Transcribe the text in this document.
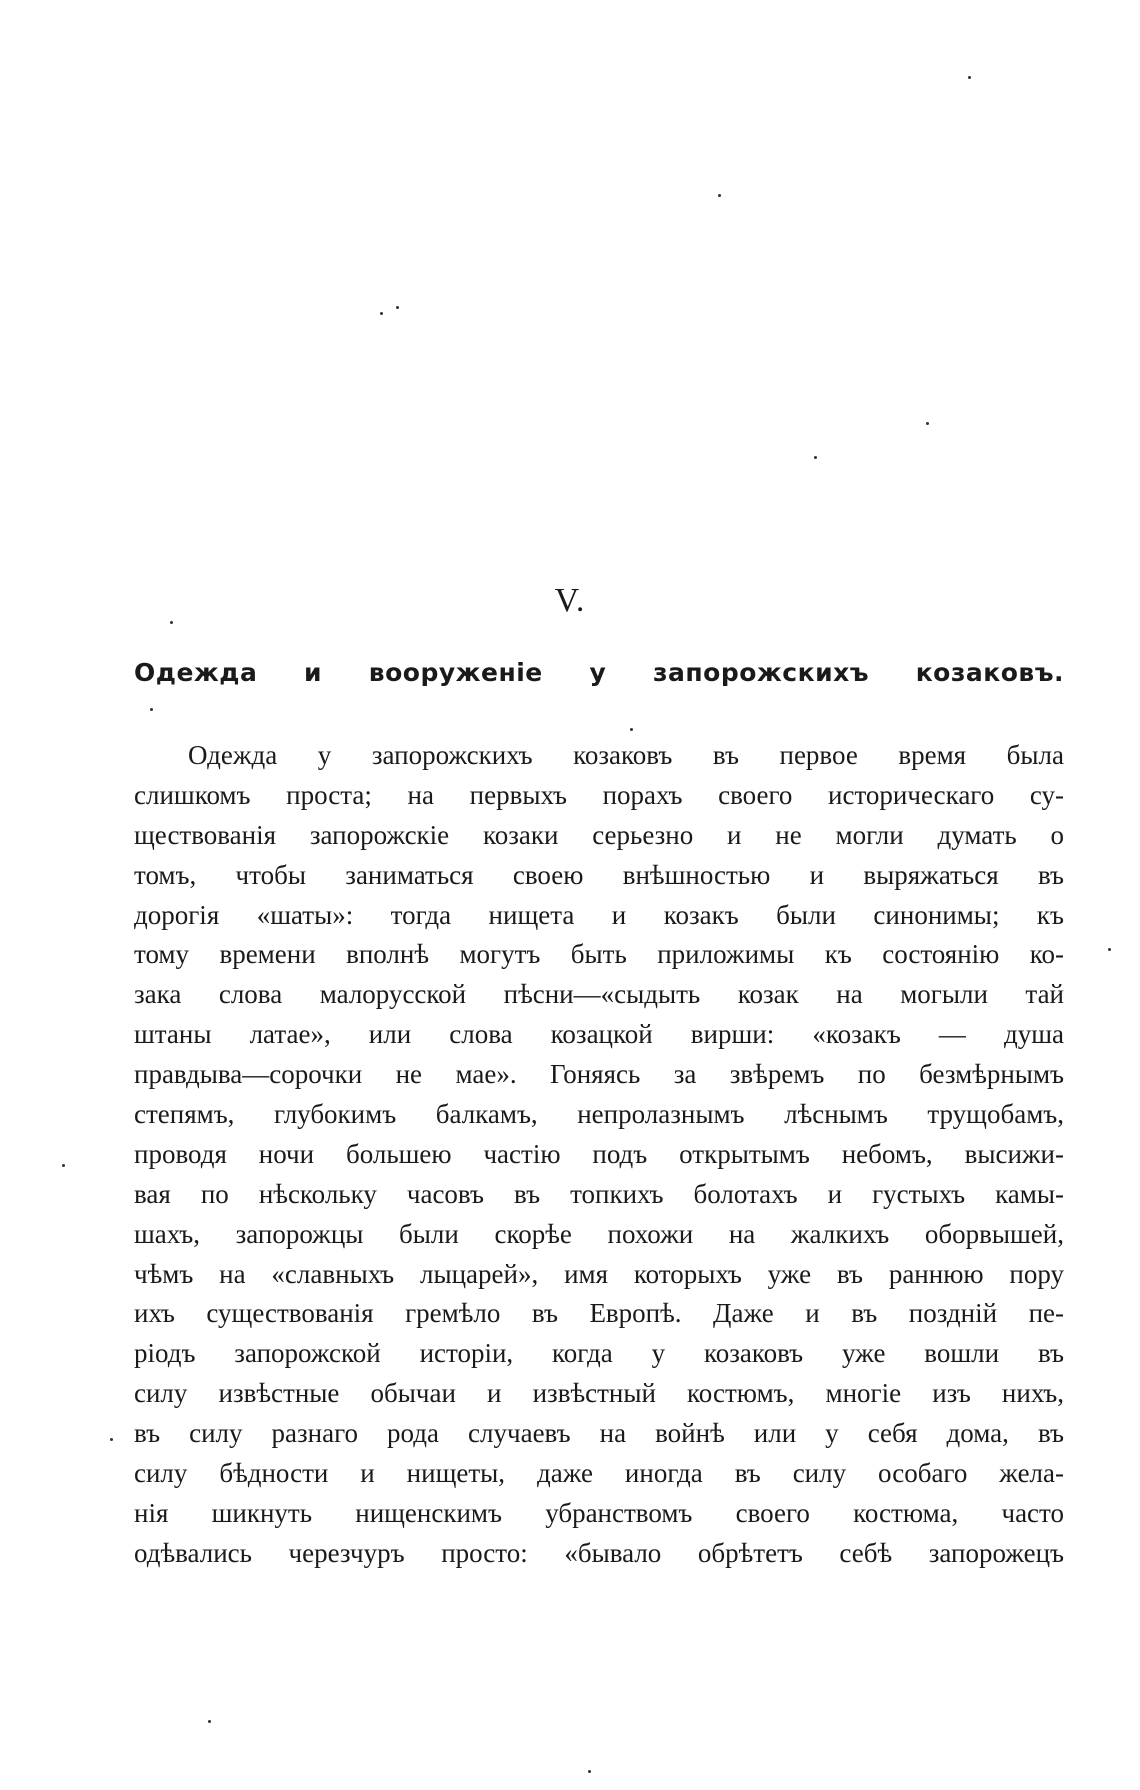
V.
Одежда и вооруженіе у запорожскихъ козаковъ.
Одежда у запорожскихъ козаковъ въ первое время была
слишкомъ проста; на первыхъ порахъ своего историческаго су-
ществованія запорожскіе козаки серьезно и не могли думать о
томъ, чтобы заниматься своею внѣшностью и выряжаться въ
дорогія «шаты»: тогда нищета и козакъ были синонимы; къ
тому времени вполнѣ могутъ быть приложимы къ состоянію ко-
зака слова малорусской пѣсни—«сыдыть козак на могыли тай
штаны латае», или слова козацкой вирши: «козакъ — душа
правдыва—сорочки не мае». Гоняясь за звѣремъ по безмѣрнымъ
степямъ, глубокимъ балкамъ, непролазнымъ лѣснымъ трущобамъ,
проводя ночи большею частію подъ открытымъ небомъ, высижи-
вая по нѣскольку часовъ въ топкихъ болотахъ и густыхъ камы-
шахъ, запорожцы были скорѣе похожи на жалкихъ оборвышей,
чѣмъ на «славныхъ лыцарей», имя которыхъ уже въ раннюю пору
ихъ существованія гремѣло въ Европѣ. Даже и въ поздній пе-
ріодъ запорожской исторіи, когда у козаковъ уже вошли въ
силу извѣстные обычаи и извѣстный костюмъ, многіе изъ нихъ,
въ силу разнаго рода случаевъ на войнѣ или у себя дома, въ
силу бѣдности и нищеты, даже иногда въ силу особаго жела-
нія шикнуть нищенскимъ убранствомъ своего костюма, часто
одѣвались черезчуръ просто: «бывало обрѣтетъ себѣ запорожецъ
